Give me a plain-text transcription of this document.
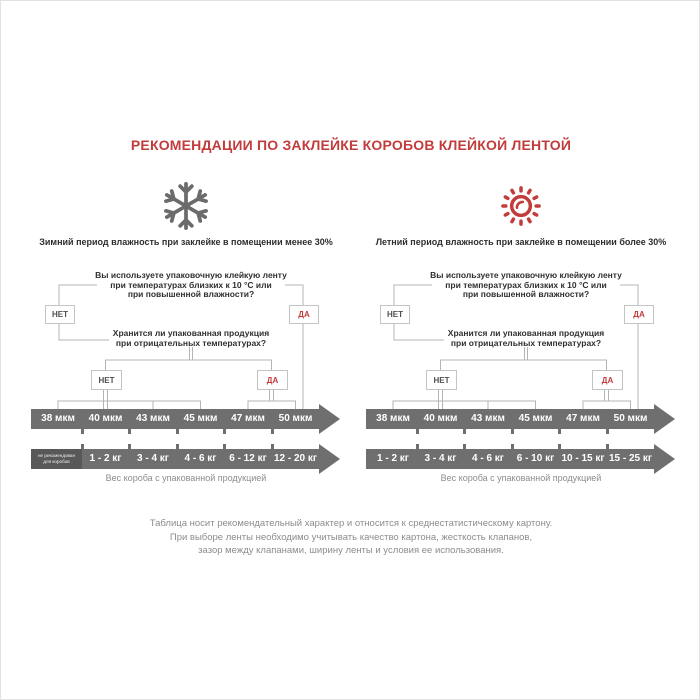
РЕКОМЕНДАЦИИ ПО ЗАКЛЕЙКЕ КОРОБОВ КЛЕЙКОЙ ЛЕНТОЙ
Зимний период влажность при заклейке в помещении менее 30%	Летний период влажность при заклейке в помещении более 30%
Вы используете упаковочную клейкую ленту
при температурах близких к 10 °С или
при повышенной влажности?
НЕТ	ДА
Хранится ли упакованная продукция
при отрицательных температурах?
НЕТ	ДА
38 мкм	40 мкм	43 мкм	45 мкм	47 мкм	50 мкм
не рекомендован
для коробов	1 - 2 кг	3 - 4 кг	4 - 6 кг	6 - 12 кг 12 - 20 кг
Вес короба с упакованной продукцией
Вы используете упаковочную клейкую ленту
при температурах близких к 10 °С или
при повышенной влажности?
НЕТ	ДА
Хранится ли упакованная продукция
при отрицательных температурах?
НЕТ	ДА
38 мкм	40 мкм	43 мкм	45 мкм	47 мкм	50 мкм
1 - 2 кг	3 - 4 кг	4 - 6 кг	6 - 10 кг 10 - 15 кг 15 - 25 кг
Вес короба с упакованной продукцией
Таблица носит рекомендательный характер и относится к среднестатистическому картону.
При выборе ленты необходимо учитывать качество картона, жесткость клапанов,
зазор между клапанами, ширину ленты и условия ее использования.
